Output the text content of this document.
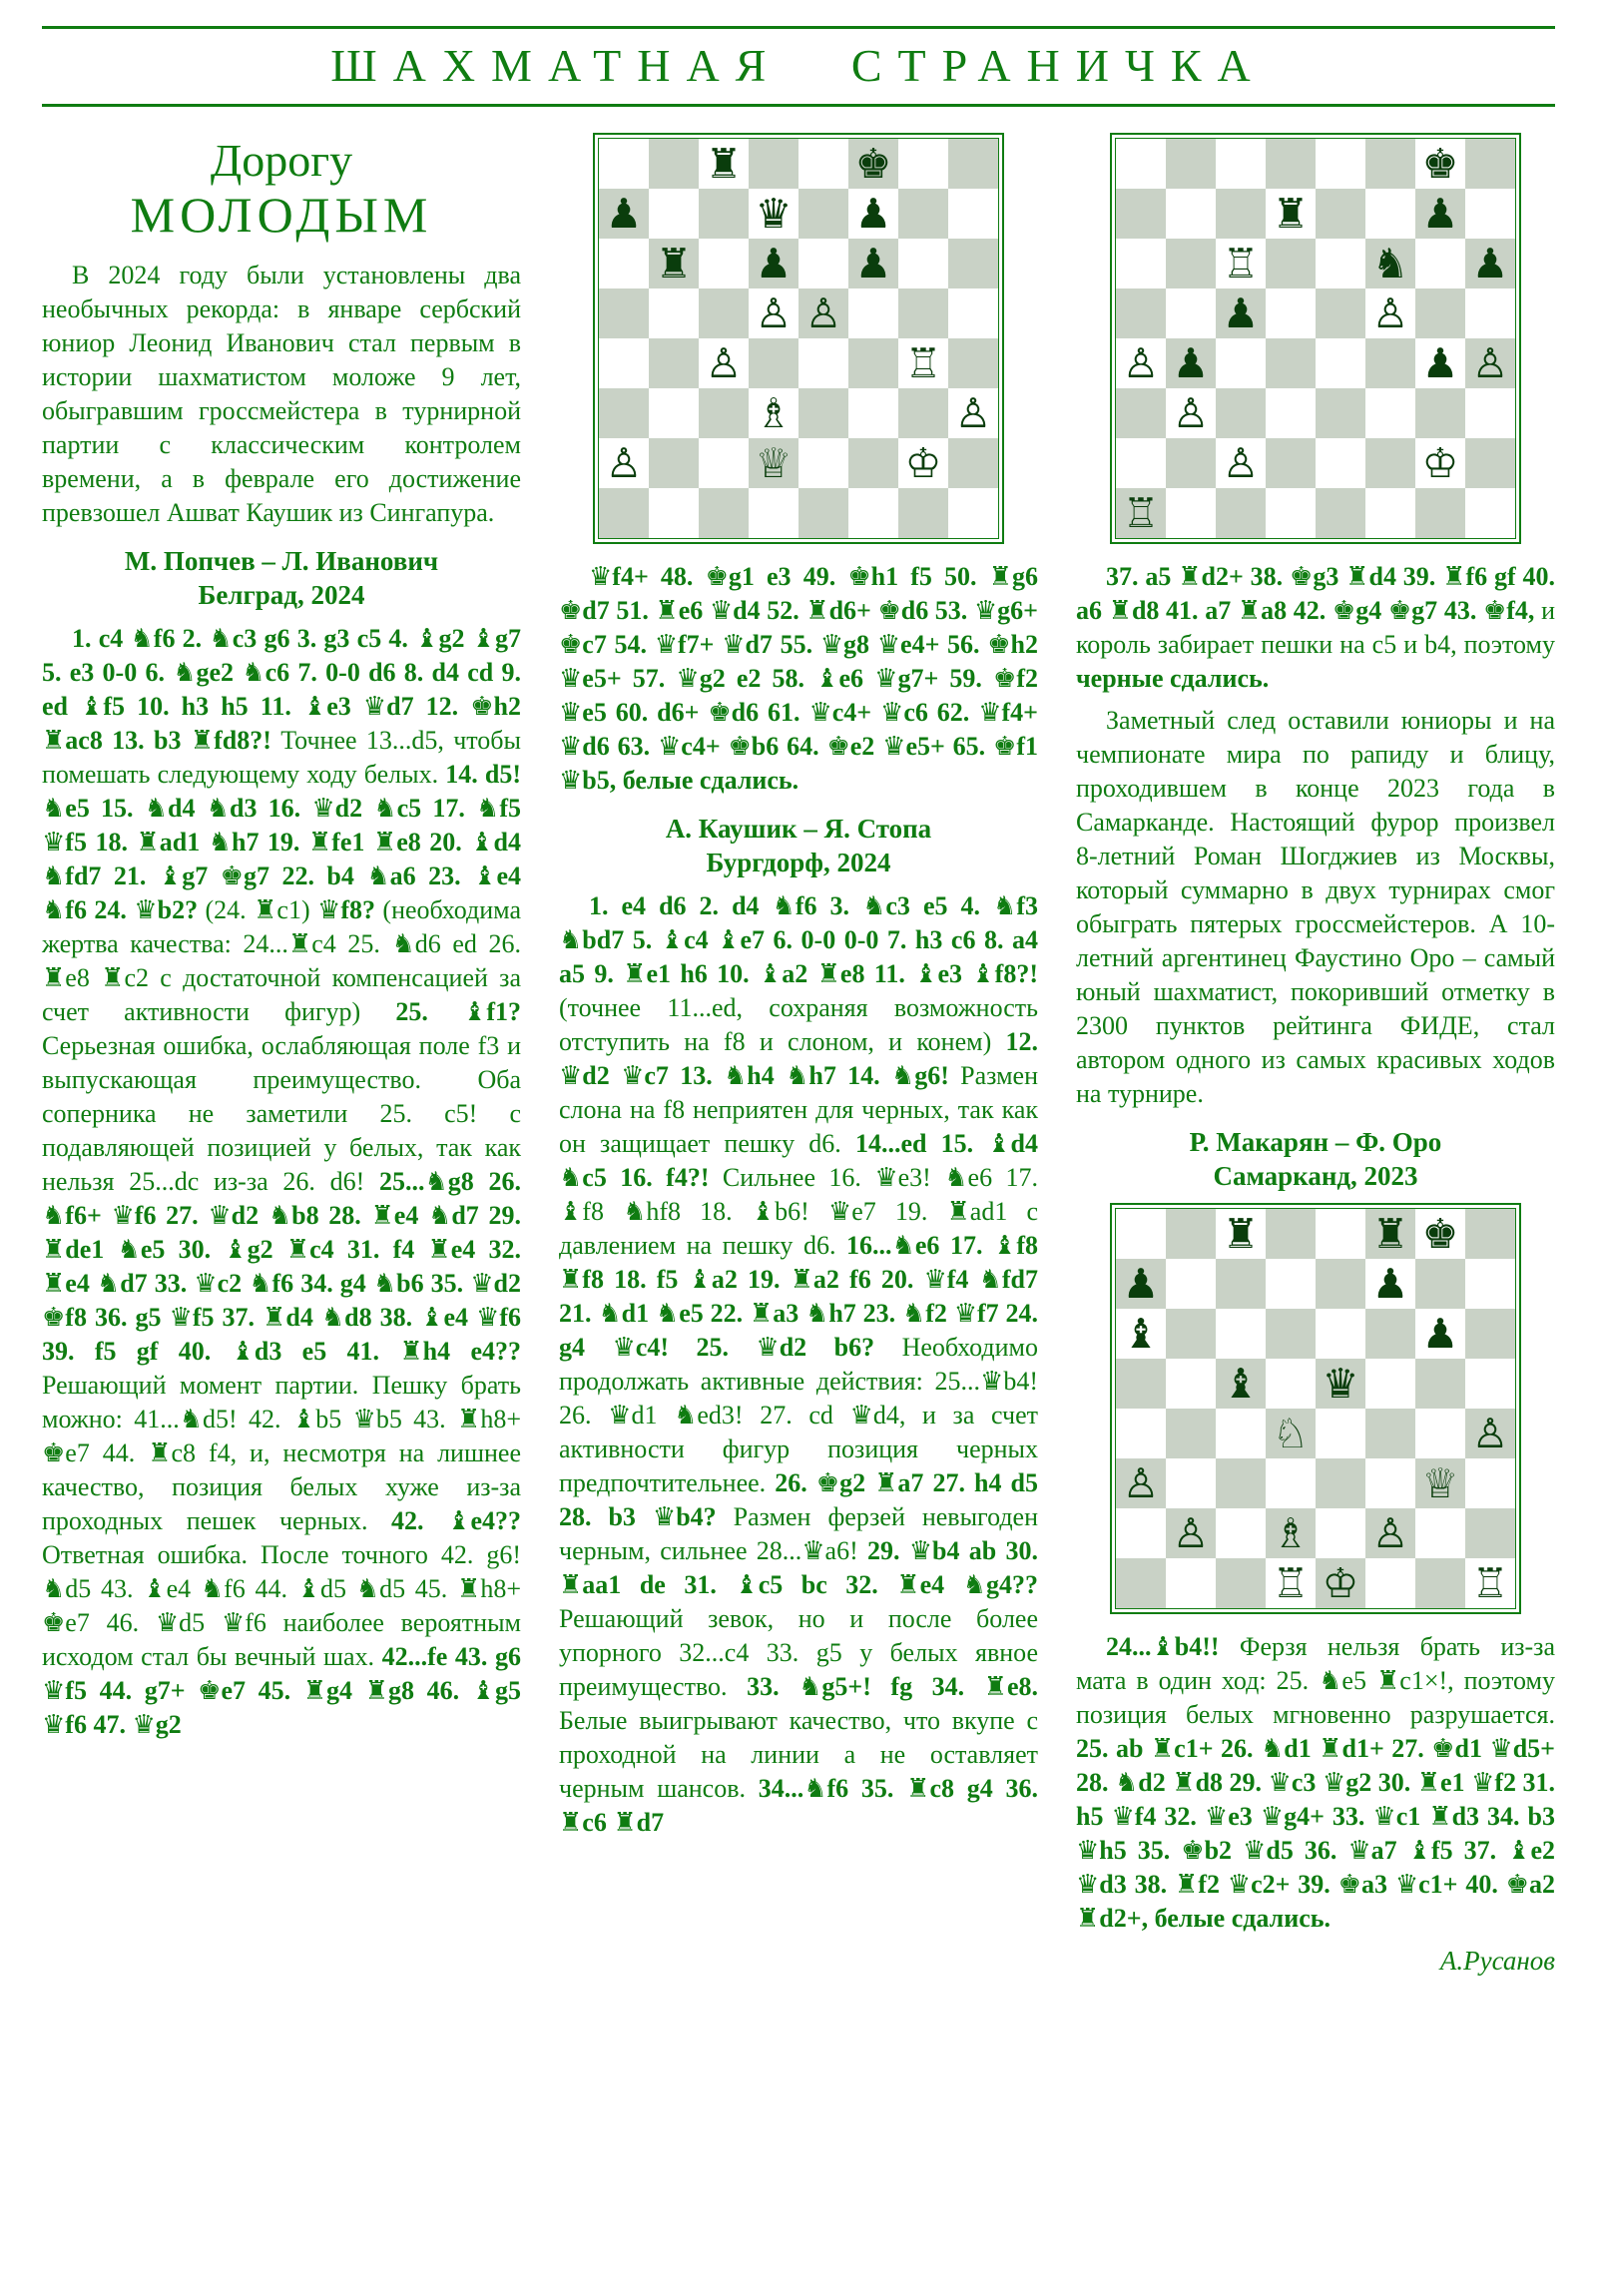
ШАХМАТНАЯ СТРАНИЧКА
Дорогу
МОЛОДЫМ

В 2024 году были установлены два необычных рекорда: в январе сербский юниор Леонид Иванович стал первым в истории шахматистом моложе 9 лет, обыгравшим гроссмейстера в турнирной партии с классическим контролем времени, а в феврале его достижение превзошел Ашват Каушик из Сингапура.

М. Попчев – Л. Иванович
Белград, 2024

1. c4 ♞f6 2. ♞c3 g6 3. g3 c5 4. ♝g2 ♝g7 5. e3 0-0 6. ♞ge2 ♞c6 7. 0-0 d6 8. d4 cd 9. ed ♝f5 10. h3 h5 11. ♝e3 ♛d7 12. ♚h2 ♜ac8 13. b3 ♜fd8?! Точнее 13...d5, чтобы помешать следующему ходу белых. 14. d5! ♞e5 15. ♞d4 ♞d3 16. ♛d2 ♞c5 17. ♞f5 ♛f5 18. ♜ad1 ♞h7 19. ♜fe1 ♜e8 20. ♝d4 ♞fd7 21. ♝g7 ♚g7 22. b4 ♞a6 23. ♝e4 ♞f6 24. ♛b2? (24. ♜c1) ♛f8? (необходима жертва качества: 24...♜c4 25. ♞d6 ed 26. ♜e8 ♜c2 с достаточной компенсацией за счет активности фигур) 25. ♝f1? Серьезная ошибка, ослабляющая поле f3 и выпускающая преимущество. Оба соперника не заметили 25. c5! с подавляющей позицией у белых, так как нельзя 25...dc из-за 26. d6! 25...♞g8 26. ♞f6+ ♛f6 27. ♛d2 ♞b8 28. ♜e4 ♞d7 29. ♜de1 ♞e5 30. ♝g2 ♜c4 31. f4 ♜e4 32. ♜e4 ♞d7 33. ♛c2 ♞f6 34. g4 ♞b6 35. ♛d2 ♚f8 36. g5 ♛f5 37. ♜d4 ♞d8 38. ♝e4 ♛f6 39. f5 gf 40. ♝d3 e5 41. ♜h4 e4?? Решающий момент партии. Пешку брать можно: 41...♞d5! 42. ♝b5 ♛b5 43. ♜h8+ ♚e7 44. ♜c8 f4, и, несмотря на лишнее качество, позиция белых хуже из-за проходных пешек черных. 42. ♝e4?? Ответная ошибка. После точного 42. g6! ♞d5 43. ♝e4 ♞f6 44. ♝d5 ♞d5 45. ♜h8+ ♚e7 46. ♛d5 ♛f6 наиболее вероятным исходом стал бы вечный шах. 42...fe 43. g6 ♛f5 44. g7+ ♚e7 45. ♜g4 ♜g8 46. ♝g5 ♛f6 47. ♛g2

♜	♚
♟	♛ ♟
♜ ♟ ♟
♙ ♙
♙	♖
♗	♙
♙	♕	♔

♛f4+ 48. ♚g1 e3 49. ♚h1 f5 50. ♜g6 ♚d7 51. ♜e6 ♛d4 52. ♜d6+ ♚d6 53. ♛g6+ ♚c7 54. ♛f7+ ♛d7 55. ♛g8 ♛e4+ 56. ♚h2 ♛e5+ 57. ♛g2 e2 58. ♝e6 ♛g7+ 59. ♚f2 ♛e5 60. d6+ ♚d6 61. ♛c4+ ♛c6 62. ♛f4+ ♛d6 63. ♛c4+ ♚b6 64. ♚e2 ♛e5+ 65. ♚f1 ♛b5, белые сдались.

А. Каушик – Я. Стопа
Бургдорф, 2024

1. e4 d6 2. d4 ♞f6 3. ♞c3 e5 4. ♞f3 ♞bd7 5. ♝c4 ♝e7 6. 0-0 0-0 7. h3 c6 8. a4 a5 9. ♜e1 h6 10. ♝a2 ♜e8 11. ♝e3 ♝f8?! (точнее 11...ed, сохраняя возможность отступить на f8 и слоном, и конем) 12. ♛d2 ♛c7 13. ♞h4 ♞h7 14. ♞g6! Размен слона на f8 неприятен для черных, так как он защищает пешку d6. 14...ed 15. ♝d4 ♞c5 16. f4?! Сильнее 16. ♛e3! ♞e6 17. ♝f8 ♞hf8 18. ♝b6! ♛e7 19. ♜ad1 с давлением на пешку d6. 16...♞e6 17. ♝f8 ♜f8 18. f5 ♝a2 19. ♜a2 f6 20. ♛f4 ♞fd7 21. ♞d1 ♞e5 22. ♜a3 ♞h7 23. ♞f2 ♛f7 24. g4 ♛c4! 25. ♛d2 b6? Необходимо продолжать активные действия: 25...♛b4! 26. ♛d1 ♞ed3! 27. cd ♛d4, и за счет активности фигур позиция черных предпочтительнее. 26. ♚g2 ♜a7 27. h4 d5 28. b3 ♛b4? Размен ферзей невыгоден черным, сильнее 28...♛a6! 29. ♛b4 ab 30. ♜aa1 de 31. ♝c5 bc 32. ♜e4 ♞g4?? Решающий зевок, но и после более упорного 32...c4 33. g5 у белых явное преимущество. 33. ♞g5+! fg 34. ♜e8. Белые выигрывают качество, что вкупе с проходной на линии a не оставляет черным шансов. 34...♞f6 35. ♜c8 g4 36. ♜c6 ♜d7

♚
♜	♟
♖	♞ ♟
♟	♙
♙ ♟	♟ ♙
♙
♙	♔
♖

37. a5 ♜d2+ 38. ♚g3 ♜d4 39. ♜f6 gf 40. a6 ♜d8 41. a7 ♜a8 42. ♚g4 ♚g7 43. ♚f4, и король забирает пешки на c5 и b4, поэтому черные сдались.

Заметный след оставили юниоры и на чемпионате мира по рапиду и блицу, проходившем в конце 2023 года в Самарканде. Настоящий фурор произвел 8-летний Роман Шогджиев из Москвы, который суммарно в двух турнирах смог обыграть пятерых гроссмейстеров. А 10-летний аргентинец Фаустино Оро – самый юный шахматист, покоривший отметку в 2300 пунктов рейтинга ФИДЕ, стал автором одного из самых красивых ходов на турнире.

Р. Макарян – Ф. Оро
Самарканд, 2023
♜	♜ ♚
♟	♟
♝	♟
♝ ♛
♘	♙
♙	♕
♙ ♗ ♙
♖ ♔	♖

24...♝b4!! Ферзя нельзя брать из-за мата в один ход: 25. ♞e5 ♜c1×!, поэтому позиция белых мгновенно разрушается. 25. ab ♜c1+ 26. ♞d1 ♜d1+ 27. ♚d1 ♛d5+ 28. ♞d2 ♜d8 29. ♛c3 ♛g2 30. ♜e1 ♛f2 31. h5 ♛f4 32. ♛e3 ♛g4+ 33. ♛c1 ♜d3 34. b3 ♛h5 35. ♚b2 ♛d5 36. ♛a7 ♝f5 37. ♝e2 ♛d3 38. ♜f2 ♛c2+ 39. ♚a3 ♛c1+ 40. ♚a2 ♜d2+, белые сдались.

А.Русанов
